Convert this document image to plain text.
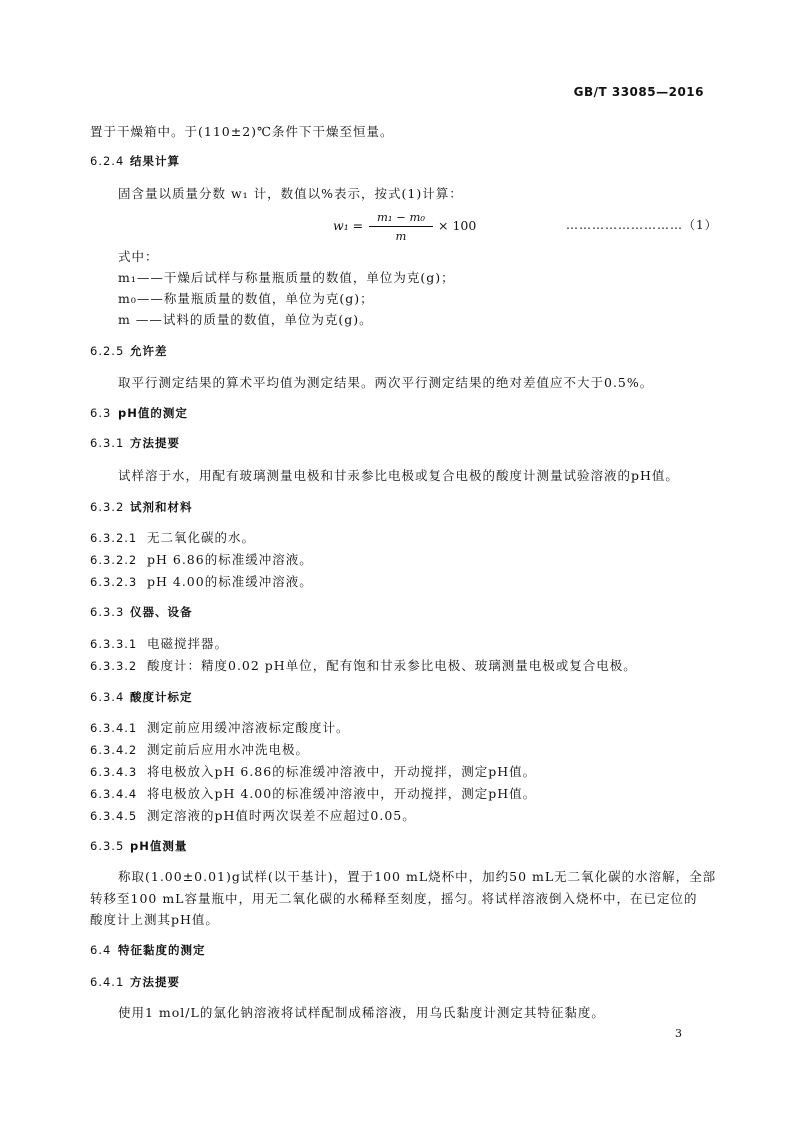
GB/T 33085—2016
置于干燥箱中。于(110±2)℃条件下干燥至恒量。
6.2.4 结果计算
固含量以质量分数 w₁ 计，数值以%表示，按式(1)计算：
w₁ =
m₁ − m₀
m
× 100	………………………（1）
式中：
m₁——干燥后试样与称量瓶质量的数值，单位为克(g)；
m₀——称量瓶质量的数值，单位为克(g)；
m ——试料的质量的数值，单位为克(g)。
6.2.5 允许差
取平行测定结果的算术平均值为测定结果。两次平行测定结果的绝对差值应不大于0.5%。
6.3 pH值的测定
6.3.1 方法提要
试样溶于水，用配有玻璃测量电极和甘汞参比电极或复合电极的酸度计测量试验溶液的pH值。
6.3.2 试剂和材料
6.3.2.1 无二氧化碳的水。
6.3.2.2 pH 6.86的标准缓冲溶液。
6.3.2.3 pH 4.00的标准缓冲溶液。
6.3.3 仪器、设备
6.3.3.1 电磁搅拌器。
6.3.3.2 酸度计：精度0.02 pH单位，配有饱和甘汞参比电极、玻璃测量电极或复合电极。
6.3.4 酸度计标定
6.3.4.1 测定前应用缓冲溶液标定酸度计。
6.3.4.2 测定前后应用水冲洗电极。
6.3.4.3 将电极放入pH 6.86的标准缓冲溶液中，开动搅拌，测定pH值。
6.3.4.4 将电极放入pH 4.00的标准缓冲溶液中，开动搅拌，测定pH值。
6.3.4.5 测定溶液的pH值时两次误差不应超过0.05。
6.3.5 pH值测量
称取(1.00±0.01)g试样(以干基计)，置于100 mL烧杯中，加约50 mL无二氧化碳的水溶解，全部
转移至100 mL容量瓶中，用无二氧化碳的水稀释至刻度，摇匀。将试样溶液倒入烧杯中，在已定位的
酸度计上测其pH值。
6.4 特征黏度的测定
6.4.1 方法提要
使用1 mol/L的氯化钠溶液将试样配制成稀溶液，用乌氏黏度计测定其特征黏度。
3
